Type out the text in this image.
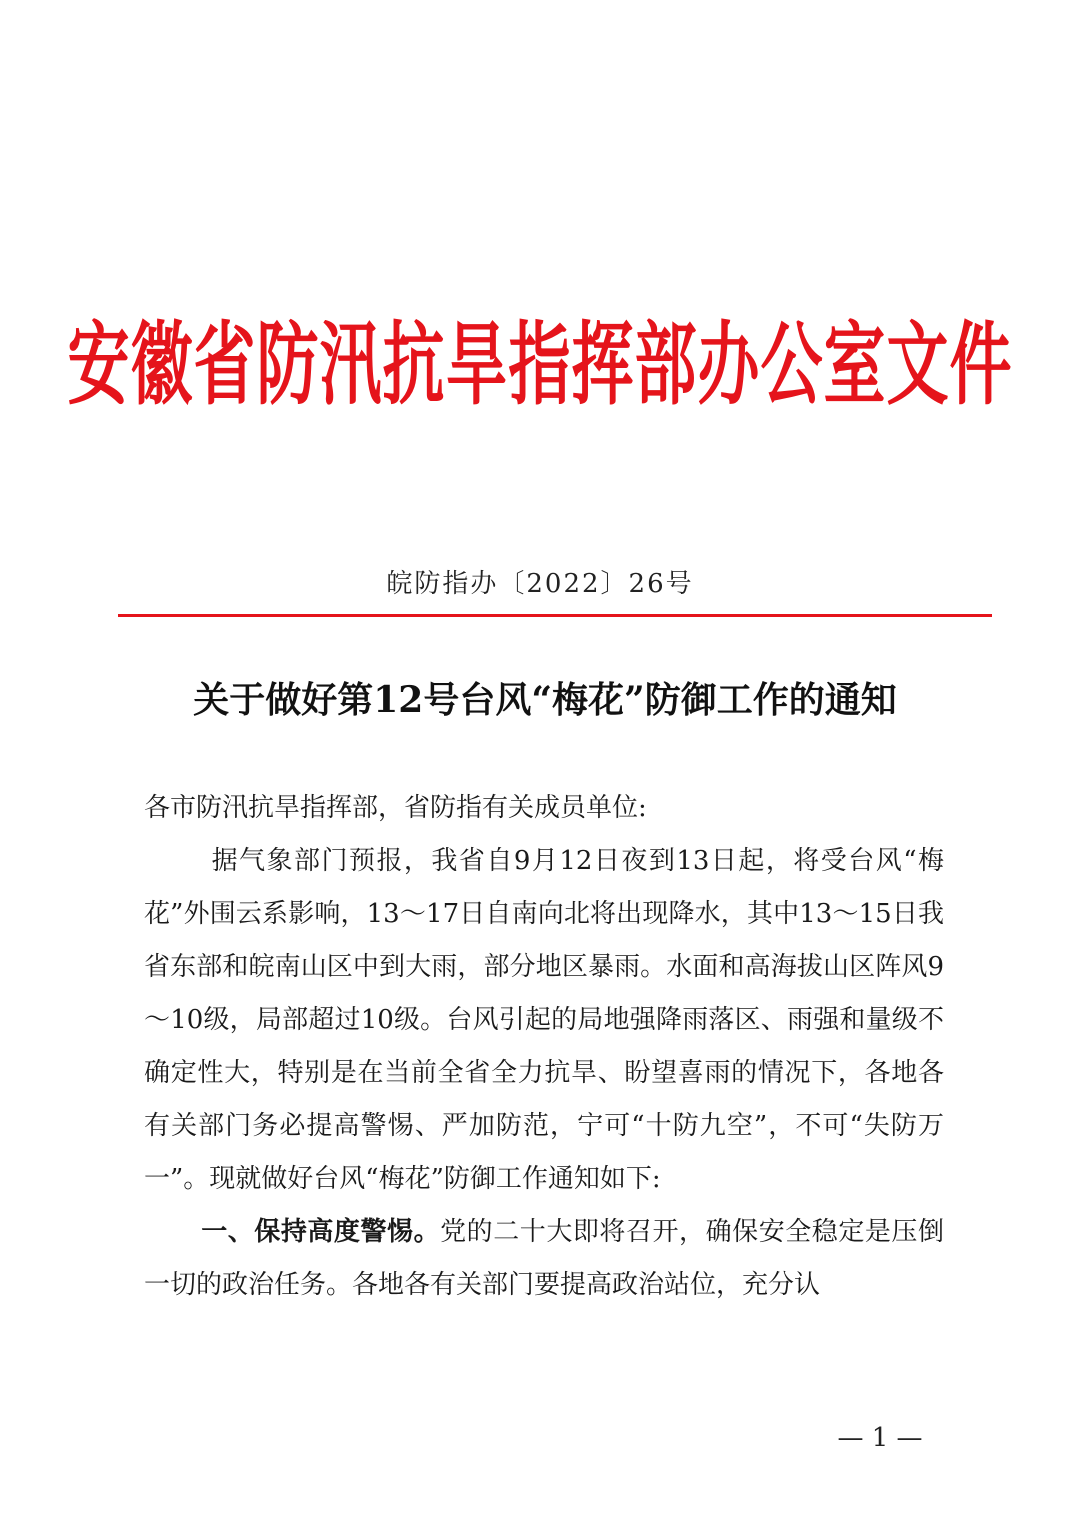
安徽省防汛抗旱指挥部办公室文件
皖防指办〔2022〕26号
关于做好第12号台风“梅花”防御工作的通知

各市防汛抗旱指挥部，省防指有关成员单位:

据气象部门预报，我省自9月12日夜到13日起，将受台风“梅花”外围云系影响，13～17日自南向北将出现降水，其中13～15日我省东部和皖南山区中到大雨，部分地区暴雨。水面和高海拔山区阵风9～10级，局部超过10级。台风引起的局地强降雨落区、雨强和量级不确定性大，特别是在当前全省全力抗旱、盼望喜雨的情况下，各地各有关部门务必提高警惕、严加防范，宁可“十防九空”，不可“失防万一”。现就做好台风“梅花”防御工作通知如下:

一、保持高度警惕。党的二十大即将召开，确保安全稳定是压倒一切的政治任务。各地各有关部门要提高政治站位，充分认

— 1 —
